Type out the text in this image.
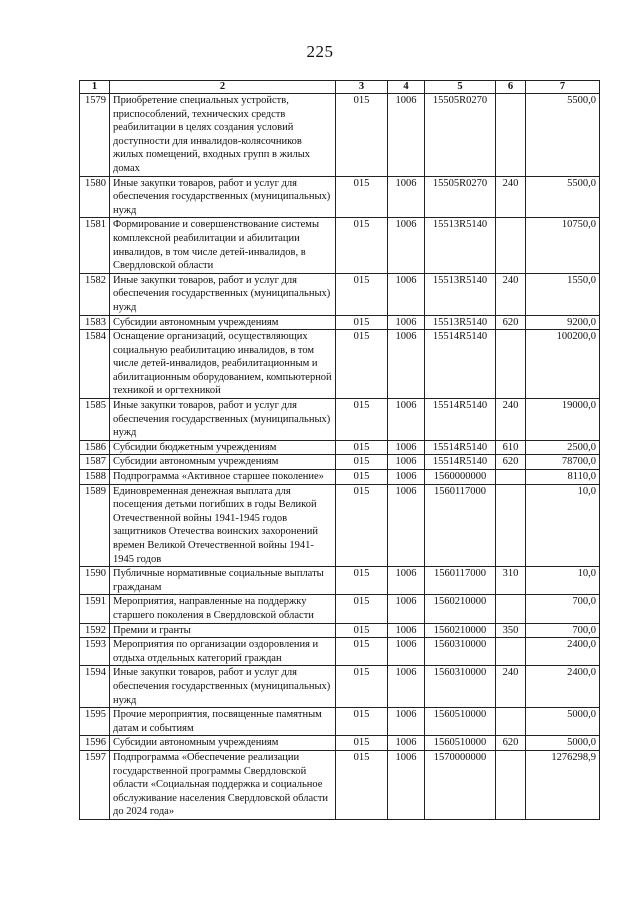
225
1	2	3	4	5	6	7
1579	Приобретение специальных устройств, приспособлений, технических средств реабилитации в целях создания условий доступности для инвалидов-колясочников жилых помещений, входных групп в жилых домах	015	1006	15505R0270		5500,0
1580	Иные закупки товаров, работ и услуг для обеспечения государственных (муниципальных) нужд	015	1006	15505R0270	240	5500,0
1581	Формирование и совершенствование системы комплексной реабилитации и абилитации инвалидов, в том числе детей-инвалидов, в Свердловской области	015	1006	15513R5140		10750,0
1582	Иные закупки товаров, работ и услуг для обеспечения государственных (муниципальных) нужд	015	1006	15513R5140	240	1550,0
1583	Субсидии автономным учреждениям	015	1006	15513R5140	620	9200,0
1584	Оснащение организаций, осуществляющих социальную реабилитацию инвалидов, в том числе детей-инвалидов, реабилитационным и абилитационным оборудованием, компьютерной техникой и оргтехникой	015	1006	15514R5140		100200,0
1585	Иные закупки товаров, работ и услуг для обеспечения государственных (муниципальных) нужд	015	1006	15514R5140	240	19000,0
1586	Субсидии бюджетным учреждениям	015	1006	15514R5140	610	2500,0
1587	Субсидии автономным учреждениям	015	1006	15514R5140	620	78700,0
1588	Подпрограмма «Активное старшее поколение»	015	1006	1560000000		8110,0
1589	Единовременная денежная выплата для посещения детьми погибших в годы Великой Отечественной войны 1941-1945 годов защитников Отечества воинских захоронений времен Великой Отечественной войны 1941-1945 годов	015	1006	1560117000		10,0
1590	Публичные нормативные социальные выплаты гражданам	015	1006	1560117000	310	10,0
1591	Мероприятия, направленные на поддержку старшего поколения в Свердловской области	015	1006	1560210000		700,0
1592	Премии и гранты	015	1006	1560210000	350	700,0
1593	Мероприятия по организации оздоровления и отдыха отдельных категорий граждан	015	1006	1560310000		2400,0
1594	Иные закупки товаров, работ и услуг для обеспечения государственных (муниципальных) нужд	015	1006	1560310000	240	2400,0
1595	Прочие мероприятия, посвященные памятным датам и событиям	015	1006	1560510000		5000,0
1596	Субсидии автономным учреждениям	015	1006	1560510000	620	5000,0
1597	Подпрограмма «Обеспечение реализации государственной программы Свердловской области «Социальная поддержка и социальное обслуживание населения Свердловской области до 2024 года»	015	1006	1570000000		1276298,9
